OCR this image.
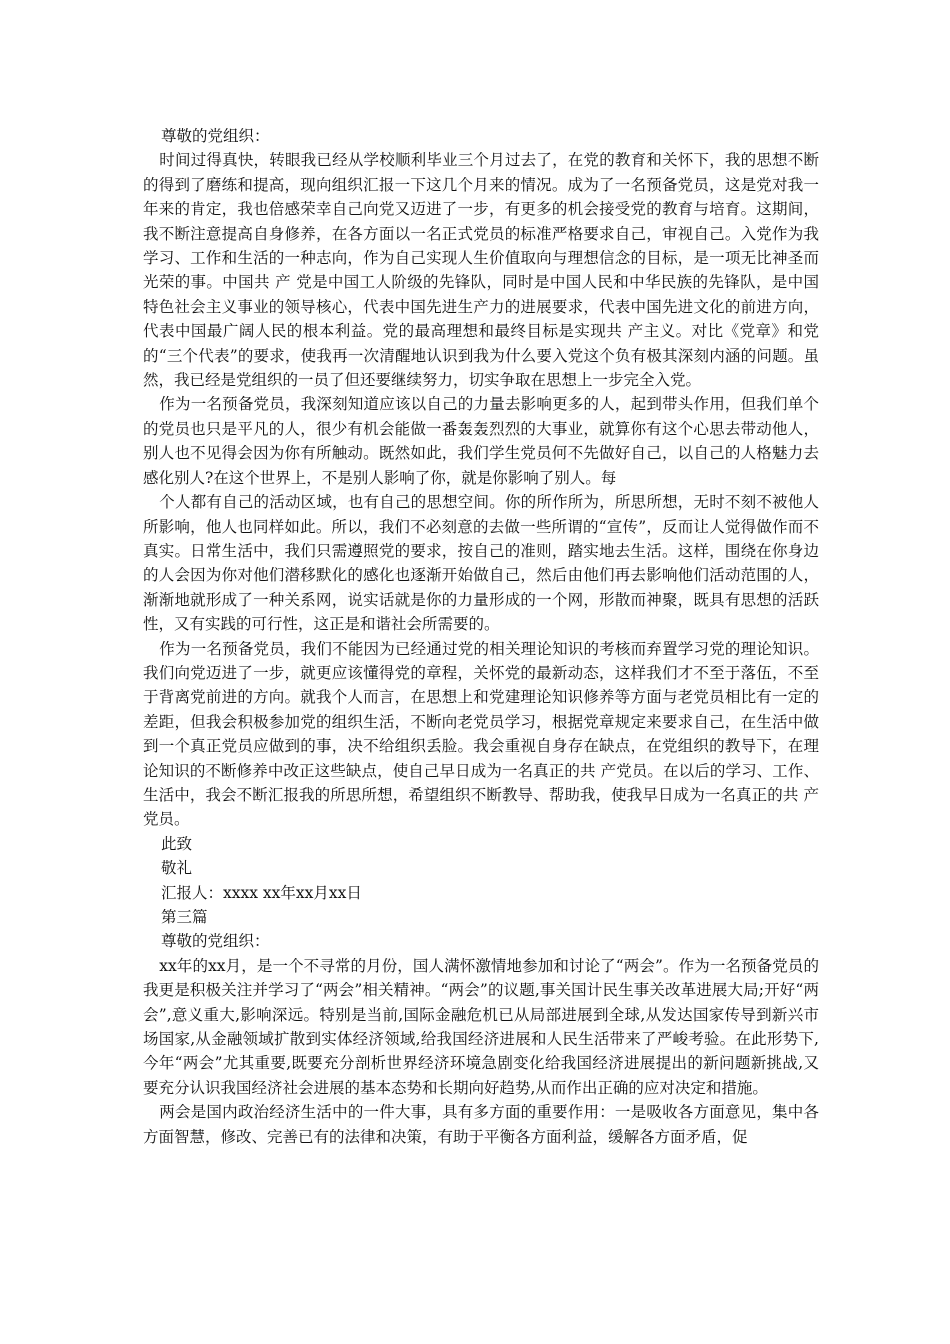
尊敬的党组织：

时间过得真快，转眼我已经从学校顺利毕业三个月过去了，在党的教育和关怀下，我的思想不断的得到了磨练和提高，现向组织汇报一下这几个月来的情况。成为了一名预备党员，这是党对我一年来的肯定，我也倍感荣幸自己向党又迈进了一步，有更多的机会接受党的教育与培育。这期间，我不断注意提高自身修养，在各方面以一名正式党员的标准严格要求自己，审视自己。入党作为我学习、工作和生活的一种志向，作为自己实现人生价值取向与理想信念的目标，是一项无比神圣而光荣的事。中国共 产 党是中国工人阶级的先锋队，同时是中国人民和中华民族的先锋队，是中国特色社会主义事业的领导核心，代表中国先进生产力的进展要求，代表中国先进文化的前进方向，代表中国最广阔人民的根本利益。党的最高理想和最终目标是实现共 产主义。对比《党章》和党的“三个代表”的要求，使我再一次清醒地认识到我为什么要入党这个负有极其深刻内涵的问题。虽然，我已经是党组织的一员了但还要继续努力，切实争取在思想上一步完全入党。

作为一名预备党员，我深刻知道应该以自己的力量去影响更多的人，起到带头作用，但我们单个的党员也只是平凡的人，很少有机会能做一番轰轰烈烈的大事业，就算你有这个心思去带动他人，别人也不见得会因为你有所触动。既然如此，我们学生党员何不先做好自己，以自己的人格魅力去感化别人?在这个世界上，不是别人影响了你，就是你影响了别人。每

个人都有自己的活动区域，也有自己的思想空间。你的所作所为，所思所想，无时不刻不被他人所影响，他人也同样如此。所以，我们不必刻意的去做一些所谓的“宣传”，反而让人觉得做作而不真实。日常生活中，我们只需遵照党的要求，按自己的准则，踏实地去生活。这样，围绕在你身边的人会因为你对他们潜移默化的感化也逐渐开始做自己，然后由他们再去影响他们活动范围的人，渐渐地就形成了一种关系网，说实话就是你的力量形成的一个网，形散而神聚，既具有思想的活跃性，又有实践的可行性，这正是和谐社会所需要的。

作为一名预备党员，我们不能因为已经通过党的相关理论知识的考核而弃置学习党的理论知识。我们向党迈进了一步，就更应该懂得党的章程，关怀党的最新动态，这样我们才不至于落伍，不至于背离党前进的方向。就我个人而言，在思想上和党建理论知识修养等方面与老党员相比有一定的差距，但我会积极参加党的组织生活，不断向老党员学习，根据党章规定来要求自己，在生活中做到一个真正党员应做到的事，决不给组织丢脸。我会重视自身存在缺点，在党组织的教导下，在理论知识的不断修养中改正这些缺点，使自己早日成为一名真正的共 产党员。在以后的学习、工作、生活中，我会不断汇报我的所思所想，希望组织不断教导、帮助我，使我早日成为一名真正的共 产 党员。

此致

敬礼

汇报人：xxxx xx年xx月xx日

第三篇

尊敬的党组织：

xx年的xx月，是一个不寻常的月份，国人满怀激情地参加和讨论了“两会”。作为一名预备党员的我更是积极关注并学习了“两会”相关精神。“两会”的议题,事关国计民生事关改革进展大局;开好“两会”,意义重大,影响深远。特别是当前,国际金融危机已从局部进展到全球,从发达国家传导到新兴市场国家,从金融领域扩散到实体经济领域,给我国经济进展和人民生活带来了严峻考验。在此形势下,今年“两会”尤其重要,既要充分剖析世界经济环境急剧变化给我国经济进展提出的新问题新挑战,又要充分认识我国经济社会进展的基本态势和长期向好趋势,从而作出正确的应对决定和措施。

两会是国内政治经济生活中的一件大事，具有多方面的重要作用：一是吸收各方面意见，集中各方面智慧，修改、完善已有的法律和决策，有助于平衡各方面利益，缓解各方面矛盾，促
